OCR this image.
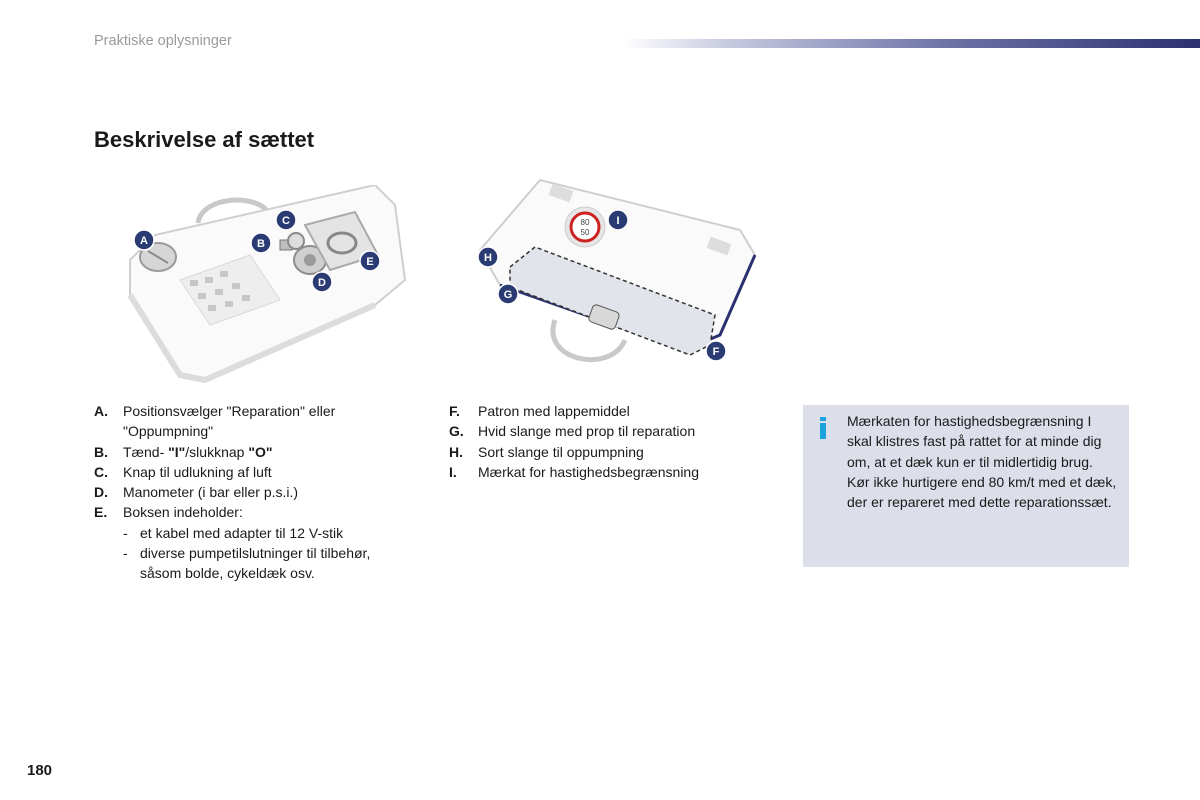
Praktiske oplysninger
Beskrivelse af sættet
A	B
C
D
E
80
50
I
H
G
F
A. Positionsvælger "Reparation" eller "Oppumpning"
B. Tænd- "I"/slukknap "O"
C. Knap til udlukning af luft
D. Manometer (i bar eller p.s.i.)
E. Boksen indeholder:
- et kabel med adapter til 12 V-stik
- diverse pumpetilslutninger til tilbehør, såsom bolde, cykeldæk osv.
F. Patron med lappemiddel
G. Hvid slange med prop til reparation
H. Sort slange til oppumpning
I. Mærkat for hastighedsbegrænsning

Mærkaten for hastighedsbegrænsning I skal klistres fast på rattet for at minde dig om, at et dæk kun er til midlertidig brug.

Kør ikke hurtigere end 80 km/t med et dæk, der er repareret med dette reparationssæt.

180
